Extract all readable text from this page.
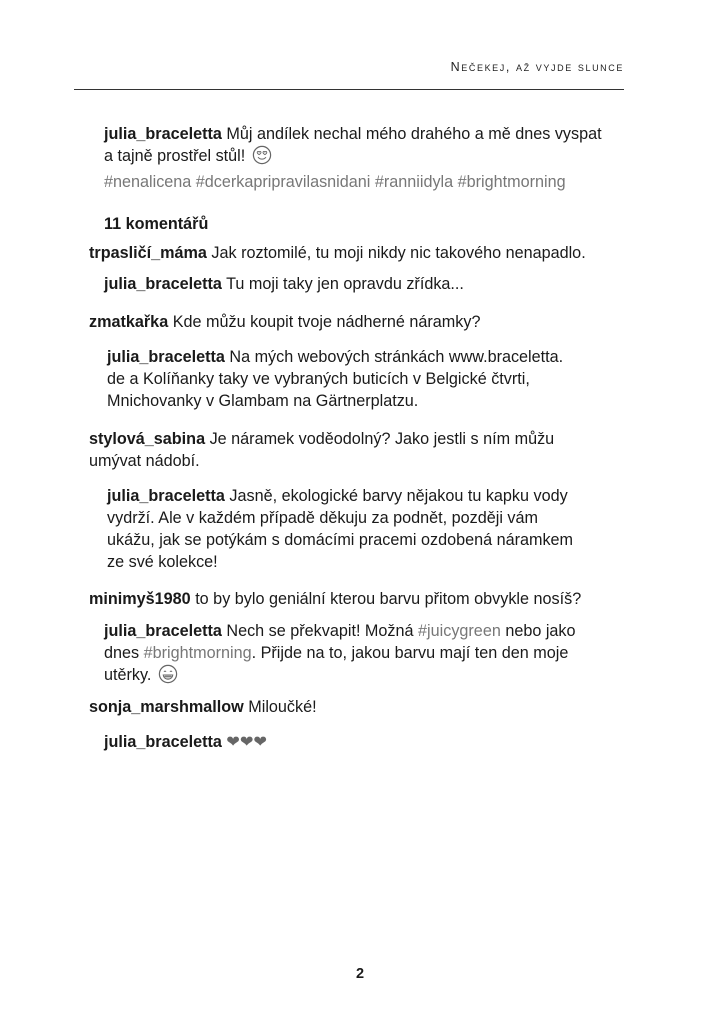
Nečekej, až vyjde slunce
julia_braceletta Můj andílek nechal mého drahého a mě dnes vyspat
a tajně prostřel stůl!
#nenalicena #dcerkapripravilasnidani #ranniidyla #brightmorning
11 komentářů
trpasličí_máma Jak roztomilé, tu moji nikdy nic takového nenapadlo.
julia_braceletta Tu moji taky jen opravdu zřídka...
zmatkařka Kde můžu koupit tvoje nádherné náramky?
julia_braceletta Na mých webových stránkách www.braceletta.
de a Kolíňanky taky ve vybraných buticích v Belgické čtvrti,
Mnichovanky v Glambam na Gärtnerplatzu.
stylová_sabina Je náramek voděodolný? Jako jestli s ním můžu
umývat nádobí.
julia_braceletta Jasně, ekologické barvy nějakou tu kapku vody
vydrží. Ale v každém případě děkuju za podnět, později vám
ukážu, jak se potýkám s domácími pracemi ozdobená náramkem
ze své kolekce!
minimyš1980 to by bylo geniální kterou barvu přitom obvykle nosíš?
julia_braceletta Nech se překvapit! Možná #juicygreen nebo jako
dnes #brightmorning. Přijde na to, jakou barvu mají ten den moje
utěrky.
sonja_marshmallow Miloučké!
julia_braceletta ❤❤❤
2
